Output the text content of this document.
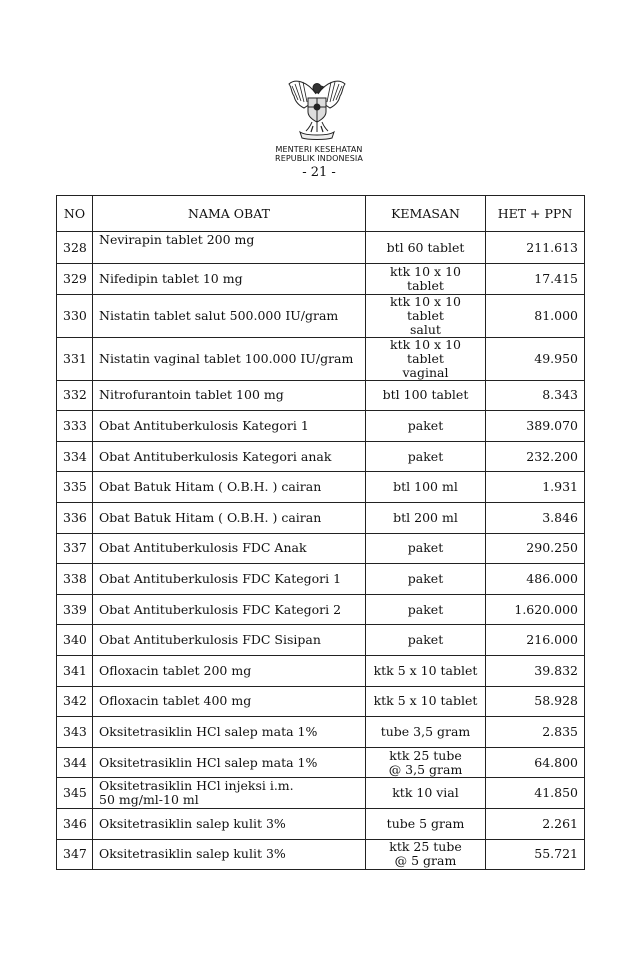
MENTERI KESEHATAN
REPUBLIK INDONESIA
- 21 -
NO	NAMA OBAT	KEMASAN	HET + PPN
328	Nevirapin tablet 200 mg	btl 60 tablet	211.613
329	Nifedipin tablet 10 mg	ktk 10 x 10 tablet	17.415
330	Nistatin tablet salut 500.000 IU/gram	ktk 10 x 10 tablet
salut	81.000
331	Nistatin vaginal tablet 100.000 IU/gram	ktk 10 x 10 tablet
vaginal	49.950
332	Nitrofurantoin tablet 100 mg	btl 100 tablet	8.343
333	Obat Antituberkulosis Kategori 1	paket	389.070
334	Obat Antituberkulosis Kategori anak	paket	232.200
335	Obat Batuk Hitam ( O.B.H. ) cairan	btl 100 ml	1.931
336	Obat Batuk Hitam ( O.B.H. ) cairan	btl 200 ml	3.846
337	Obat Antituberkulosis FDC Anak	paket	290.250
338	Obat Antituberkulosis FDC Kategori 1	paket	486.000
339	Obat Antituberkulosis FDC Kategori 2	paket	1.620.000
340	Obat Antituberkulosis FDC Sisipan	paket	216.000
341	Ofloxacin tablet 200 mg	ktk 5 x 10 tablet	39.832
342	Ofloxacin tablet 400 mg	ktk 5 x 10 tablet	58.928
343	Oksitetrasiklin HCl salep mata 1%	tube 3,5 gram	2.835
344	Oksitetrasiklin HCl salep mata 1%	ktk 25 tube
@ 3,5 gram	64.800
345	Oksitetrasiklin HCl injeksi i.m.
50 mg/ml-10 ml	ktk 10 vial	41.850
346	Oksitetrasiklin salep kulit 3%	tube 5 gram	2.261
347	Oksitetrasiklin salep kulit 3%	ktk 25 tube
@ 5 gram	55.721
